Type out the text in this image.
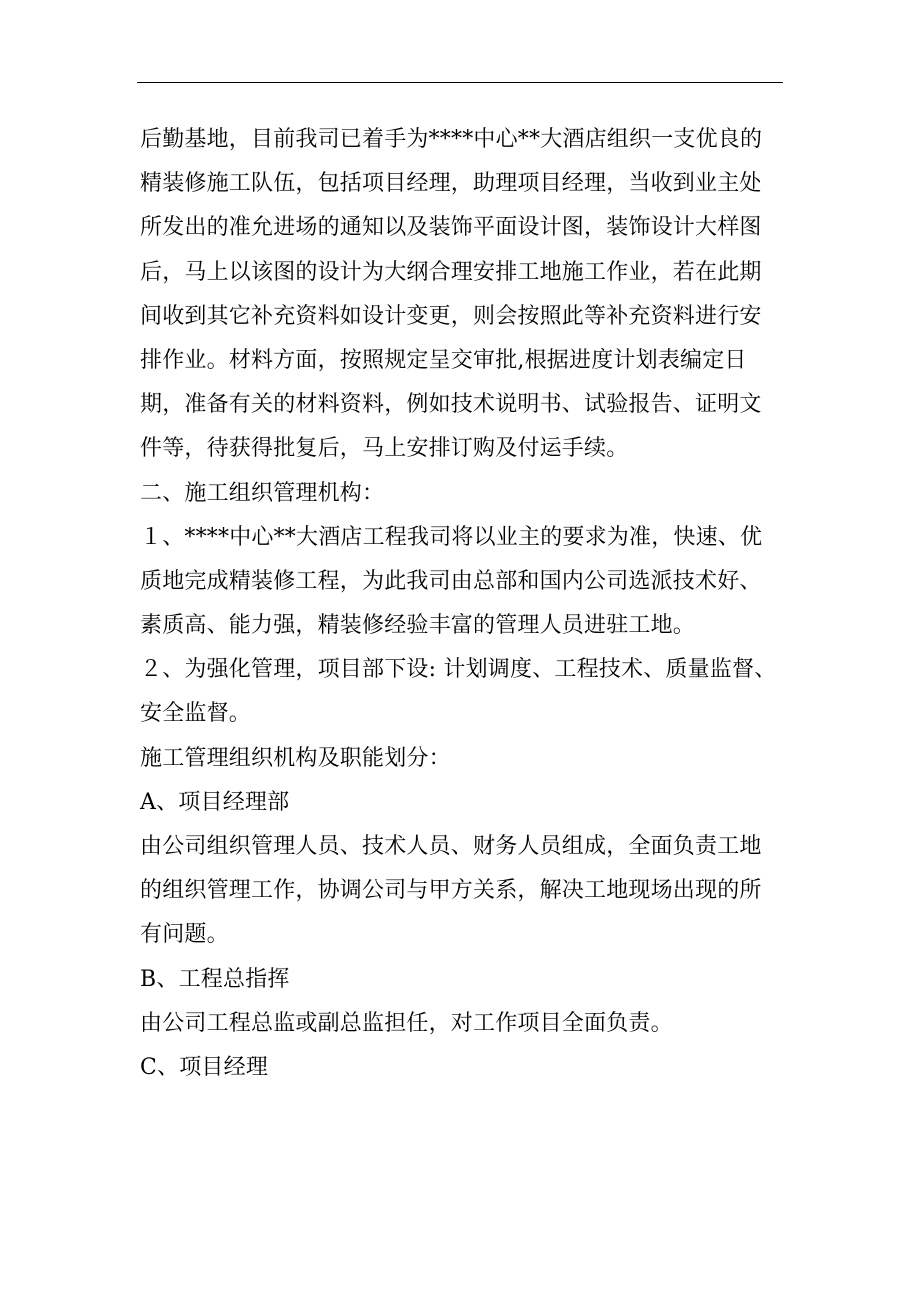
后勤基地，目前我司已着手为****中心**大酒店组织一支优良的
精装修施工队伍，包括项目经理，助理项目经理，当收到业主处
所发出的准允进场的通知以及装饰平面设计图，装饰设计大样图
后，马上以该图的设计为大纲合理安排工地施工作业，若在此期
间收到其它补充资料如设计变更，则会按照此等补充资料进行安
排作业。材料方面，按照规定呈交审批,根据进度计划表编定日
期，准备有关的材料资料，例如技术说明书、试验报告、证明文
件等，待获得批复后，马上安排订购及付运手续。
二、施工组织管理机构：
１、****中心**大酒店工程我司将以业主的要求为准，快速、优
质地完成精装修工程，为此我司由总部和国内公司选派技术好、
素质高、能力强，精装修经验丰富的管理人员进驻工地。
２、为强化管理，项目部下设: 计划调度、工程技术、质量监督、
安全监督。
施工管理组织机构及职能划分：
A、项目经理部
由公司组织管理人员、技术人员、财务人员组成，全面负责工地
的组织管理工作，协调公司与甲方关系，解决工地现场出现的所
有问题。
B、工程总指挥
由公司工程总监或副总监担任，对工作项目全面负责。
C、项目经理
